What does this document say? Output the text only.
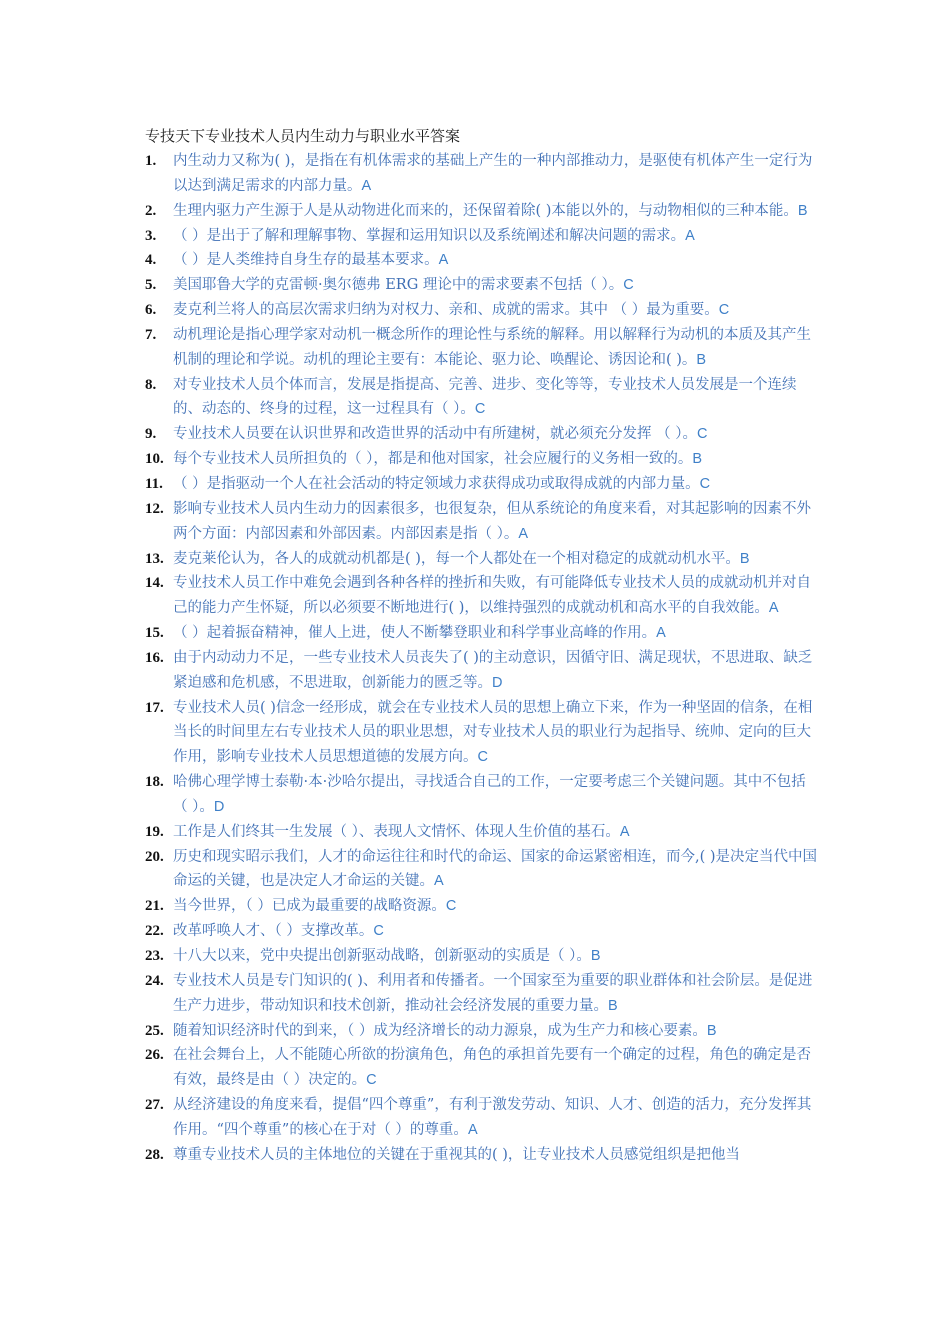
专技天下专业技术人员内生动力与职业水平答案
1. 内生动力又称为( )，是指在有机体需求的基础上产生的一种内部推动力，是驱使有机体产生一定行为以达到满足需求的内部力量。A
2. 生理内驱力产生源于人是从动物进化而来的，还保留着除( )本能以外的，与动物相似的三种本能。B
3. （ ）是出于了解和理解事物、掌握和运用知识以及系统阐述和解决问题的需求。A
4. （ ）是人类维持自身生存的最基本要求。A
5. 美国耶鲁大学的克雷顿·奥尔德弗 ERG 理论中的需求要素不包括（ ）。C
6. 麦克利兰将人的高层次需求归纳为对权力、亲和、成就的需求。其中 （ ）最为重要。C
7. 动机理论是指心理学家对动机一概念所作的理论性与系统的解释。用以解释行为动机的本质及其产生机制的理论和学说。动机的理论主要有：本能论、驱力论、唤醒论、诱因论和( )。B
8. 对专业技术人员个体而言，发展是指提高、完善、进步、变化等等，专业技术人员发展是一个连续的、动态的、终身的过程，这一过程具有（ ）。C
9. 专业技术人员要在认识世界和改造世界的活动中有所建树，就必须充分发挥 （ ）。C
10. 每个专业技术人员所担负的（ ），都是和他对国家，社会应履行的义务相一致的。B
11. （ ）是指驱动一个人在社会活动的特定领域力求获得成功或取得成就的内部力量。C
12. 影响专业技术人员内生动力的因素很多，也很复杂，但从系统论的角度来看，对其起影响的因素不外两个方面：内部因素和外部因素。内部因素是指（ ）。A
13. 麦克莱伦认为，各人的成就动机都是( )，每一个人都处在一个相对稳定的成就动机水平。B
14. 专业技术人员工作中难免会遇到各种各样的挫折和失败，有可能降低专业技术人员的成就动机并对自己的能力产生怀疑，所以必须要不断地进行( )，以维持强烈的成就动机和高水平的自我效能。A
15. （ ）起着振奋精神，催人上进，使人不断攀登职业和科学事业高峰的作用。A
16. 由于内动动力不足，一些专业技术人员丧失了( )的主动意识，因循守旧、满足现状，不思进取、缺乏紧迫感和危机感，不思进取，创新能力的匮乏等。D
17. 专业技术人员( )信念一经形成，就会在专业技术人员的思想上确立下来，作为一种坚固的信条，在相当长的时间里左右专业技术人员的职业思想，对专业技术人员的职业行为起指导、统帅、定向的巨大作用，影响专业技术人员思想道德的发展方向。C
18. 哈佛心理学博士泰勒·本·沙哈尔提出，寻找适合自己的工作，一定要考虑三个关键问题。其中不包括（ ）。D
19. 工作是人们终其一生发展（ ）、表现人文情怀、体现人生价值的基石。A
20. 历史和现实昭示我们，人才的命运往往和时代的命运、国家的命运紧密相连，而今,( )是决定当代中国命运的关键，也是决定人才命运的关键。A
21. 当今世界，（ ）已成为最重要的战略资源。C
22. 改革呼唤人才、（ ）支撑改革。C
23. 十八大以来，党中央提出创新驱动战略，创新驱动的实质是（ ）。B
24. 专业技术人员是专门知识的( )、利用者和传播者。一个国家至为重要的职业群体和社会阶层。是促进生产力进步，带动知识和技术创新，推动社会经济发展的重要力量。B
25. 随着知识经济时代的到来，（ ）成为经济增长的动力源泉，成为生产力和核心要素。B
26. 在社会舞台上，人不能随心所欲的扮演角色，角色的承担首先要有一个确定的过程，角色的确定是否有效，最终是由（ ）决定的。C
27. 从经济建设的角度来看，提倡“四个尊重”，有利于激发劳动、知识、人才、创造的活力，充分发挥其作用。“四个尊重”的核心在于对（ ）的尊重。A
28. 尊重专业技术人员的主体地位的关键在于重视其的( )，让专业技术人员感觉组织是把他当
